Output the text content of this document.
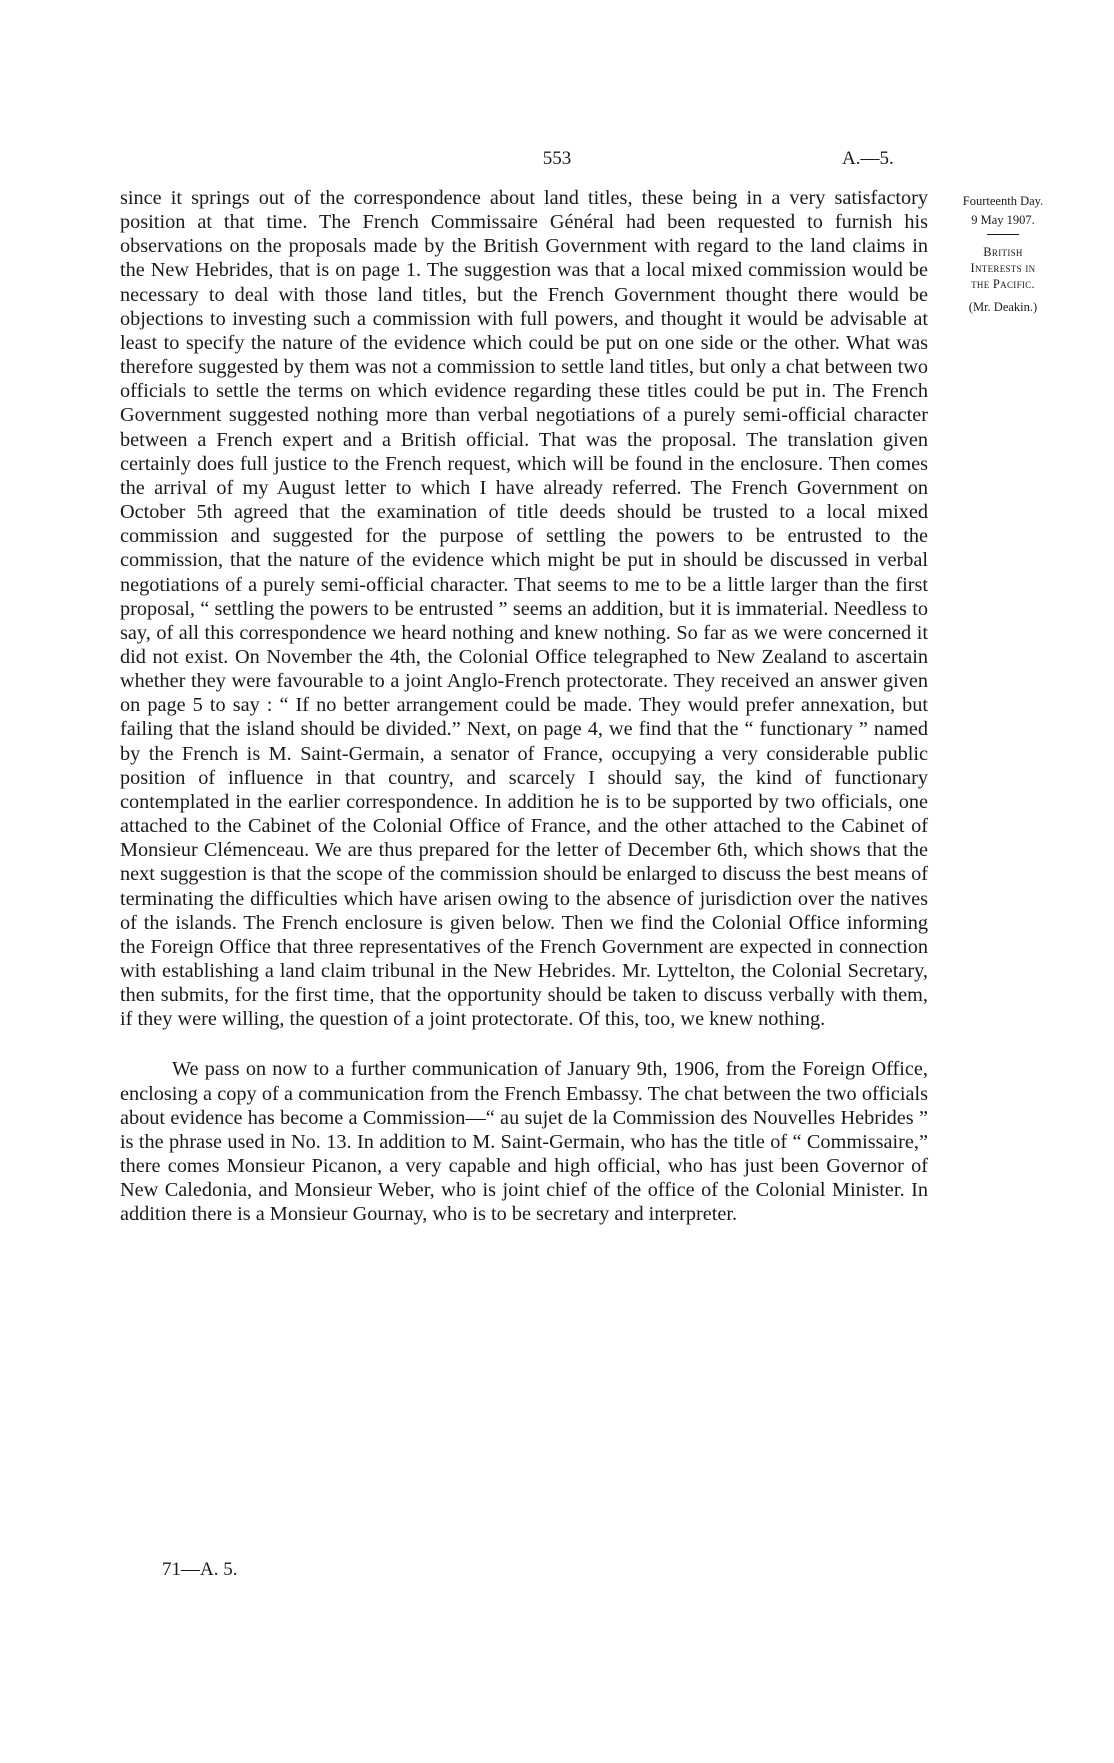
553	A.—5.

since it springs out of the correspondence about land titles, these being in a very satisfactory position at that time. The French Commissaire Général had been requested to furnish his observations on the proposals made by the British Government with regard to the land claims in the New Hebrides, that is on page 1. The suggestion was that a local mixed commission would be necessary to deal with those land titles, but the French Government thought there would be objections to investing such a commission with full powers, and thought it would be advisable at least to specify the nature of the evidence which could be put on one side or the other. What was therefore suggested by them was not a commission to settle land titles, but only a chat between two officials to settle the terms on which evidence regarding these titles could be put in. The French Government suggested nothing more than verbal negotiations of a purely semi-official character between a French expert and a British official. That was the proposal. The translation given certainly does full justice to the French request, which will be found in the enclosure. Then comes the arrival of my August letter to which I have already referred. The French Government on October 5th agreed that the examination of title deeds should be trusted to a local mixed commission and suggested for the purpose of settling the powers to be entrusted to the commission, that the nature of the evidence which might be put in should be discussed in verbal negotiations of a purely semi-official character. That seems to me to be a little larger than the first proposal, “ settling the powers to be entrusted ” seems an addition, but it is immaterial. Needless to say, of all this correspondence we heard nothing and knew nothing. So far as we were concerned it did not exist. On November the 4th, the Colonial Office telegraphed to New Zealand to ascertain whether they were favourable to a joint Anglo-French protectorate. They received an answer given on page 5 to say : “ If no better arrangement could be made. They would prefer annexation, but failing that the island should be divided.” Next, on page 4, we find that the “ functionary ” named by the French is M. Saint-Germain, a senator of France, occupying a very considerable public position of influence in that country, and scarcely I should say, the kind of functionary contemplated in the earlier correspondence. In addition he is to be supported by two officials, one attached to the Cabinet of the Colonial Office of France, and the other attached to the Cabinet of Monsieur Clémenceau. We are thus prepared for the letter of December 6th, which shows that the next suggestion is that the scope of the commission should be enlarged to discuss the best means of terminating the difficulties which have arisen owing to the absence of jurisdiction over the natives of the islands. The French enclosure is given below. Then we find the Colonial Office informing the Foreign Office that three representatives of the French Government are expected in connection with establishing a land claim tribunal in the New Hebrides. Mr. Lyttelton, the Colonial Secretary, then submits, for the first time, that the opportunity should be taken to discuss verbally with them, if they were willing, the question of a joint protectorate. Of this, too, we knew nothing.

We pass on now to a further communication of January 9th, 1906, from the Foreign Office, enclosing a copy of a communication from the French Embassy. The chat between the two officials about evidence has become a Commission—“ au sujet de la Commission des Nouvelles Hebrides ” is the phrase used in No. 13. In addition to M. Saint-Germain, who has the title of “ Commissaire,” there comes Monsieur Picanon, a very capable and high official, who has just been Governor of New Caledonia, and Monsieur Weber, who is joint chief of the office of the Colonial Minister. In addition there is a Monsieur Gournay, who is to be secretary and interpreter.

Fourteenth Day.
9 May 1907.
British
Interests in
the Pacific.
(Mr. Deakin.)
71—A. 5.
